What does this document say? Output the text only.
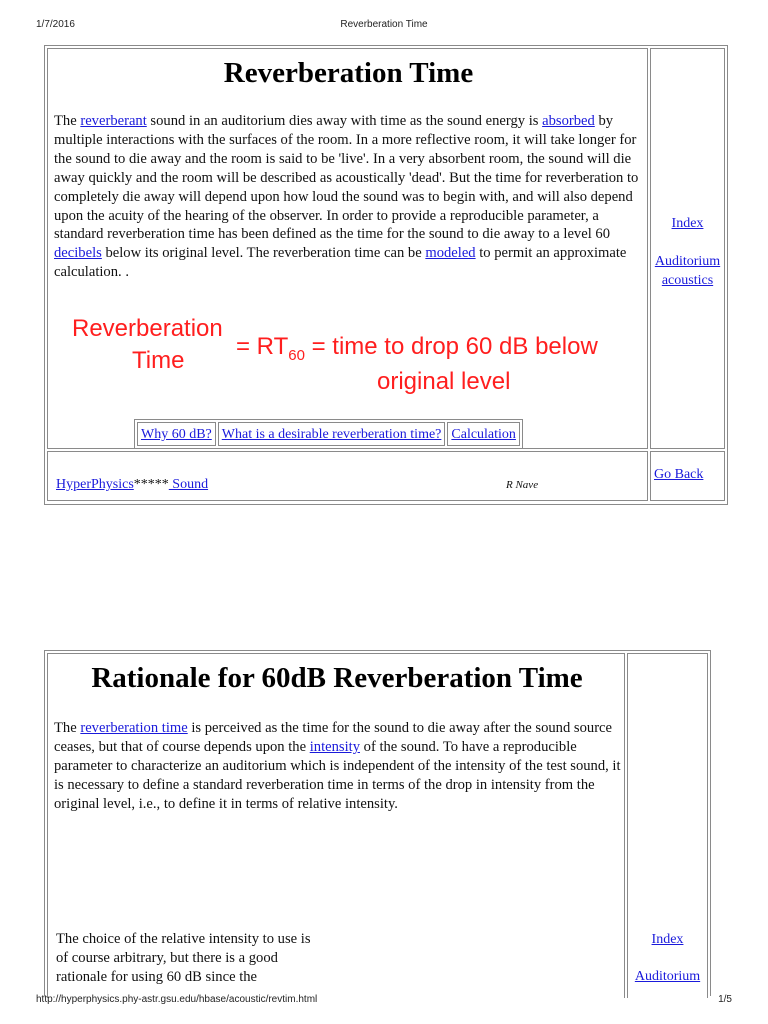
1/7/2016	Reverberation Time
Reverberation Time

The reverberant sound in an auditorium dies away with time as the sound energy is absorbed by multiple interactions with the surfaces of the room. In a more reflective room, it will take longer for the sound to die away and the room is said to be 'live'. In a very absorbent room, the sound will die away quickly and the room will be described as acoustically 'dead'. But the time for reverberation to completely die away will depend upon how loud the sound was to begin with, and will also depend upon the acuity of the hearing of the observer. In order to provide a reproducible parameter, a standard reverberation time has been defined as the time for the sound to die away to a level 60 decibels below its original level. The reverberation time can be modeled to permit an approximate calculation. .

Reverberation
Time
= $RT_{60}$ = time to drop 60 dB below
original level
Why 60 dB? What is a desirable reverberation time? Calculation
Index
Auditorium
acoustics
HyperPhysics***** Sound	R Nave
Go Back
Rationale for 60dB Reverberation Time

The reverberation time is perceived as the time for the sound to die away after the sound source ceases, but that of course depends upon the intensity of the sound. To have a reproducible parameter to characterize an auditorium which is independent of the intensity of the test sound, it is necessary to define a standard reverberation time in terms of the drop in intensity from the original level, i.e., to define it in terms of relative intensity.

The choice of the relative intensity to use is of course arbitrary, but there is a good rationale for using 60 dB since the

Index
Auditorium
http://hyperphysics.phy-astr.gsu.edu/hbase/acoustic/revtim.html	1/5
